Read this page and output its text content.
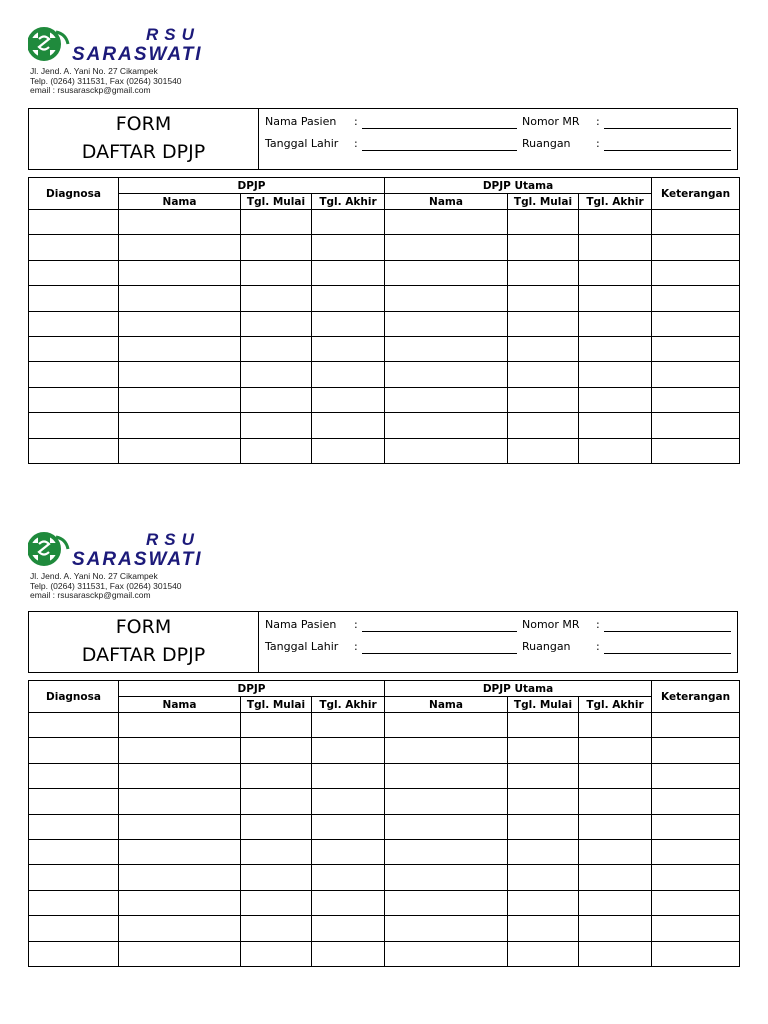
RSU
SARASWATI
Jl. Jend. A. Yani No. 27 Cikampek
Telp. (0264) 311531, Fax (0264) 301540
email : rsusarasckp@gmail.com
FORM
DAFTAR DPJP
Nama Pasien :
Tanggal Lahir :
Nomor MR :
Ruangan :
Diagnosa	DPJP			DPJP Utama			Keterangan
	Nama	Tgl. Mulai	Tgl. Akhir	Nama	Tgl. Mulai	Tgl. Akhir	

RSU
SARASWATI
Jl. Jend. A. Yani No. 27 Cikampek
Telp. (0264) 311531, Fax (0264) 301540
email : rsusarasckp@gmail.com
FORM
DAFTAR DPJP
Nama Pasien :
Tanggal Lahir :
Nomor MR :
Ruangan :
Diagnosa	DPJP			DPJP Utama			Keterangan
	Nama	Tgl. Mulai	Tgl. Akhir	Nama	Tgl. Mulai	Tgl. Akhir	
